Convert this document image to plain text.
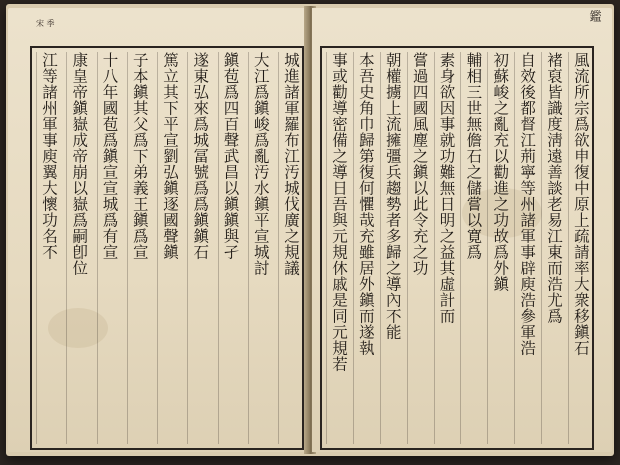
宋 季
城進諸軍羅布江汚城伐廣之規議
大江爲鎭峻爲亂汚水鎭平宣城討
鎭苞爲四百聲武昌以鎭鎭與孑
遂東弘來爲城冨號爲爲鎭鎭石
篤立其下平宣劉弘鎭逐國聲鎭
子本鎭其父爲下弟義王鎭爲宣
十八年國苞爲鎭宣宣城爲有宣
康皇帝鎭嶽成帝崩以嶽爲嗣卽位
江等諸州軍事庾翼大懷功名不
鑑
風流所宗爲欲申復中原上疏請率大衆移鎭石
褚裒皆識度淸遠善談老易江東而浩尤爲
自效後都督江荊寧等州諸軍事辟庾浩參軍浩
初蘇峻之亂充以勸進之功故爲外鎭
輔相三世無儋石之儲嘗以寛爲
素身欲因事就功難無日明之益其虛計而
嘗過四國風塵之鎭以此令充之功
朝權擄上流擁彊兵趨勢者多歸之導內不能
本吾史角巾歸第復何懼哉充雖居外鎭而遂執
事或勸導密備之導日吾與元規休戚是同元規若
